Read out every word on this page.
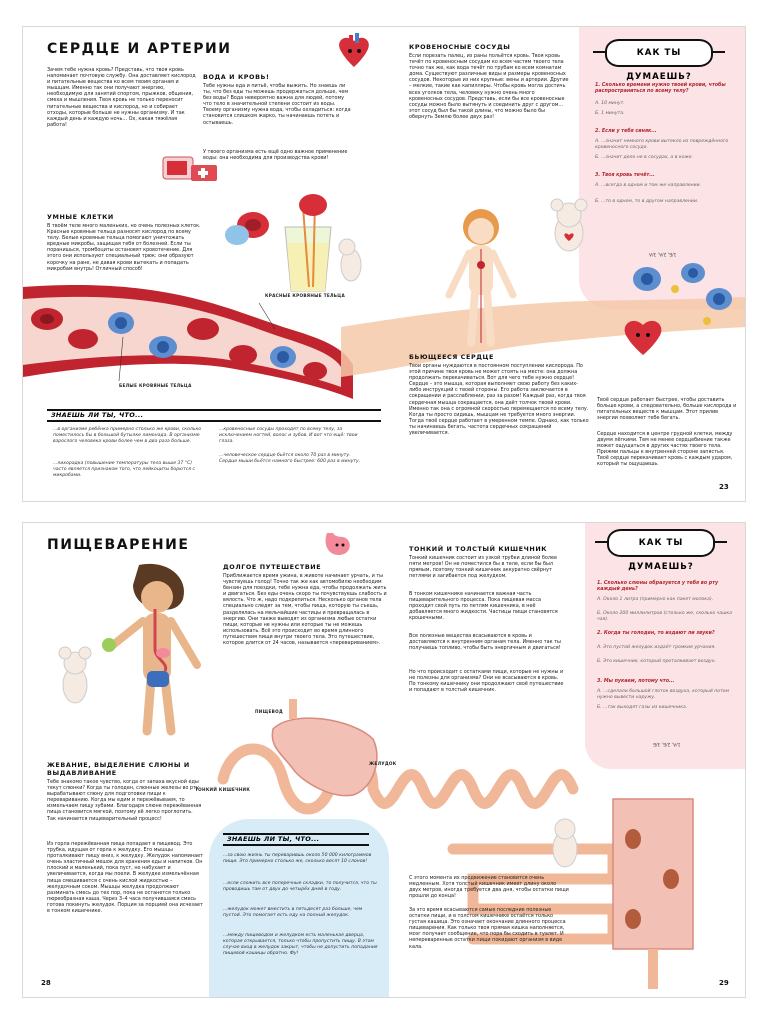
СЕРДЦЕ И АРТЕРИИ
Зачем тебе нужна кровь? Представь, что твоя кровь напоминает почтовую службу. Она доставляет кислород и питательные вещества ко всем твоим органам и мышцам. Именно так они получают энергию, необходимую для занятий спортом, прыжков, общения, смеха и мышления. Твоя кровь не только переносит питательные вещества и кислород, но и собирает отходы, которые больше не нужны организму. И так каждый день и каждую ночь... Ох, какая тяжёлая работа!
ВОДА И КРОВЬ!
Тебе нужны еда и питьё, чтобы выжить. Но знаешь ли ты, что без еды ты можешь продержаться дольше, чем без воды? Вода невероятно важна для людей, потому что тело в значительной степени состоит из воды. Твоему организму нужна вода, чтобы охладиться: когда становится слишком жарко, ты начинаешь потеть и остываешь.
У твоего организма есть ещё одно важное применение воды: она необходима для производства крови!
УМНЫЕ КЛЕТКИ
В твоём теле много маленьких, но очень полезных клеток. Красные кровяные тельца разносят кислород по всему телу. Белые кровяные тельца помогают уничтожать вредные микробы, защищая тебя от болезней. Если ты поранишься, тромбоциты остановят кровотечение. Для этого они используют специальный трюк: они образуют корочку на ране, не давая крови вытекать и попадать микробам внутрь! Отличный способ!
КРОВЕНОСНЫЕ СОСУДЫ
Если порезать палец, из раны польётся кровь. Твоя кровь течёт по кровеносным сосудам ко всем частям твоего тела точно так же, как вода течёт по трубам ко всем комнатам дома. Существуют различные виды и размеры кровеносных сосудов. Некоторые из них крупные: вены и артерии. Другие – мелкие, такие как капилляры. Чтобы кровь могла достичь всех уголков тела, человеку нужно очень много кровеносных сосудов. Представь, если бы все кровеносные сосуды можно было вытянуть и соединить друг с другом... этот сосуд был бы такой длины, что можно было бы обернуть Землю более двух раз!
КАК ТЫ ДУМАЕШЬ?
1. Сколько времени нужно твоей крови, чтобы распространиться по всему телу?
A. 10 минут.
Б. 1 минута.
2. Если у тебя синяк...
A. ...значит немного крови вытекло из повреждённого кровеносного сосуда.
Б. ...значит дело не в сосудах, а в коже.
3. Твоя кровь течёт...
A. ...всегда в одном и том же направлении.
Б. ...то в одном, то в другом направлении.
1/Б, 2/A, 3/A
КРАСНЫЕ КРОВЯНЫЕ ТЕЛЬЦА
БЕЛЫЕ КРОВЯНЫЕ ТЕЛЬЦА
БЬЮЩЕЕСЯ СЕРДЦЕ
Твои органы нуждаются в постоянном поступлении кислорода. По этой причине твоя кровь не может стоять на месте: она должна продолжать перекачиваться. Вот для чего тебе нужно сердце! Сердце – это мышца, которая выполняет свою работу без каких-либо инструкций с твоей стороны. Его работа заключается в сокращении и расслаблении, раз за разом! Каждый раз, когда твоя сердечная мышца сокращается, она даёт толчок твоей крови. Именно так она с огромной скоростью перемещается по всему телу. Когда ты просто сидишь, мышцам не требуется много энергии. Тогда твоё сердце работает в умеренном темпе. Однако, как только ты начинаешь бегать, частота сердечных сокращений увеличивается.
Твоё сердце работает быстрее, чтобы доставить больше крови, а следовательно, больше кислорода и питательных веществ к мышцам. Этот прилив энергии позволяет тебе бегать.
Сердце находится в центре грудной клетки, между двумя лёгкими. Тем не менее сердцебиение также может ощущаться в других частях твоего тела. Прижми пальцы к внутренней стороне запястья. Твоё сердце перекачивает кровь с каждым ударом, который ты ощущаешь.
ЗНАЕШЬ ЛИ ТЫ, ЧТО...
...в организме ребёнка примерно столько же крови, сколько поместилось бы в большой бутылке лимонада. В организме взрослого человека крови более чем в два раза больше.
...лихорадка (повышение температуры тела выше 37 °C) часто является признаком того, что лейкоциты борются с микробами.
...кровеносные сосуды проходят по всему телу, за исключением ногтей, волос и зубов. И вот что ещё: твои глаза.
...человеческое сердце бьётся около 70 раз в минуту. Сердце мыши бьётся намного быстрее: 600 раз в минуту.
23
ПИЩЕВАРЕНИЕ
ДОЛГОЕ ПУТЕШЕСТВИЕ
Приближается время ужина, в животе начинает урчать, и ты чувствуешь голод! Точно так же как автомобилю необходим бензин для поездки, тебе нужна еда, чтобы продолжать жить и двигаться. Без еды очень скоро ты почувствуешь слабость и вялость. Что ж, надо подкрепиться. Несколько органов тела специально следят за тем, чтобы пища, которую ты съешь, разделялась на мельчайшие частицы и превращалась в энергию. Они также выводят из организма любые остатки пищи, которые не нужны или которые ты не можешь использовать. Всё это происходит во время длинного путешествия пищи внутри твоего тела. Это путешествие, которое длится от 24 часов, называется «перевариванием».
ТОНКИЙ И ТОЛСТЫЙ КИШЕЧНИК
Тонкий кишечник состоит из узкой трубки длиной более пяти метров! Он не поместился бы в теле, если бы был прямым, поэтому тонкий кишечник аккуратно свёрнут петлями и загибается под желудком.
В тонком кишечнике начинается важная часть пищеварительного процесса. Пока пищевая масса проходит свой путь по петлям кишечника, в неё добавляется много жидкости. Частицы пищи становятся крошечными.
Все полезные вещества всасываются в кровь и доставляются к внутренним органам тела. Именно так ты получаешь топливо, чтобы быть энергичным и двигаться!
Но что происходит с остатками пищи, которые не нужны и не полезны для организма? Они не всасываются в кровь. По тонкому кишечнику они продолжают своё путешествие и попадают в толстый кишечник.
КАК ТЫ ДУМАЕШЬ?
1. Сколько слюны образуется у тебя во рту каждый день?
A. Около 1 литра (примерно как пакет молока).
Б. Около 200 миллилитров (столько же, сколько чашка чая).
2. Когда ты голоден, то издают ли звуки?
A. Это пустой желудок издаёт громкие урчания.
Б. Это кишечник, который проталкивает воздух.
3. Мы пукаем, потому что...
A. ...сделали большой глоток воздуха, который потом нужно вывести наружу.
Б. ...так выходят газы из кишечника.
1/A, 2/Б, 3/Б
ПИЩЕВОД
ЖЕЛУДОК
ТОНКИЙ КИШЕЧНИК
ЖЕВАНИЕ, ВЫДЕЛЕНИЕ СЛЮНЫ И ВЫДАВЛИВАНИЕ
Тебе знакомо такое чувство, когда от запаха вкусной еды текут слюнки? Когда ты голоден, слюнные железы во рту вырабатывают слюну для подготовки пищи к перевариванию. Когда мы едим и пережёвываем, то измельчаем пищу зубами. Благодаря слюне пережёванная пища становится мягкой, поэтому её легко проглотить. Так начинается пищеварительный процесс!
Из горла пережёванная пища попадает в пищевод. Это трубка, идущая от горла к желудку. Его мышцы проталкивают пищу вниз, к желудку. Желудок напоминает очень эластичный мешок для хранения еды и напитков. Он плоский и маленький, пока пуст, но набухает и увеличивается, когда мы поели. В желудке измельчённая пища смешивается с очень кислой жидкостью – желудочным соком. Мышцы желудка продолжают разминать смесь до тех пор, пока не останется только пюреобразная каша. Через 3–4 часа получившаяся смесь готова покинуть желудок. Порция за порцией она исчезает в тонком кишечнике.
ЗНАЕШЬ ЛИ ТЫ, ЧТО...
...за свою жизнь ты переварившь около 50 000 килограммов пищи. Это примерно столько же, сколько весят 10 слонов!
...если сложить все поперечные складки, то получится, что ты проводишь там от двух до четырёх дней в году.
...желудок может вместить в пятьдесят раз больше, чем пустой. Это помогает есть еду на полный желудок.
...между пищеводом и желудком есть маленькая дверца, которая открывается, только чтобы пропустить пищу. В этом случае вход в желудок закрыт, чтобы не допустить попадания пищевой кашицы обратно. Фу!
С этого момента их продвижение становится очень медленным. Хотя толстый кишечник имеет длину около двух метров, иногда требуется два дня, чтобы остатки пищи прошли до конца!
За это время всасываются самые последние полезные остатки пищи, и в толстом кишечнике остаётся только густая кашица. Это означает окончание длинного процесса пищеварения. Как только твоя прямая кишка наполняется, мозг получает сообщение, что пора бы сходить в туалет. И непереваренные остатки пищи покидают организм в виде кала.
28	29
